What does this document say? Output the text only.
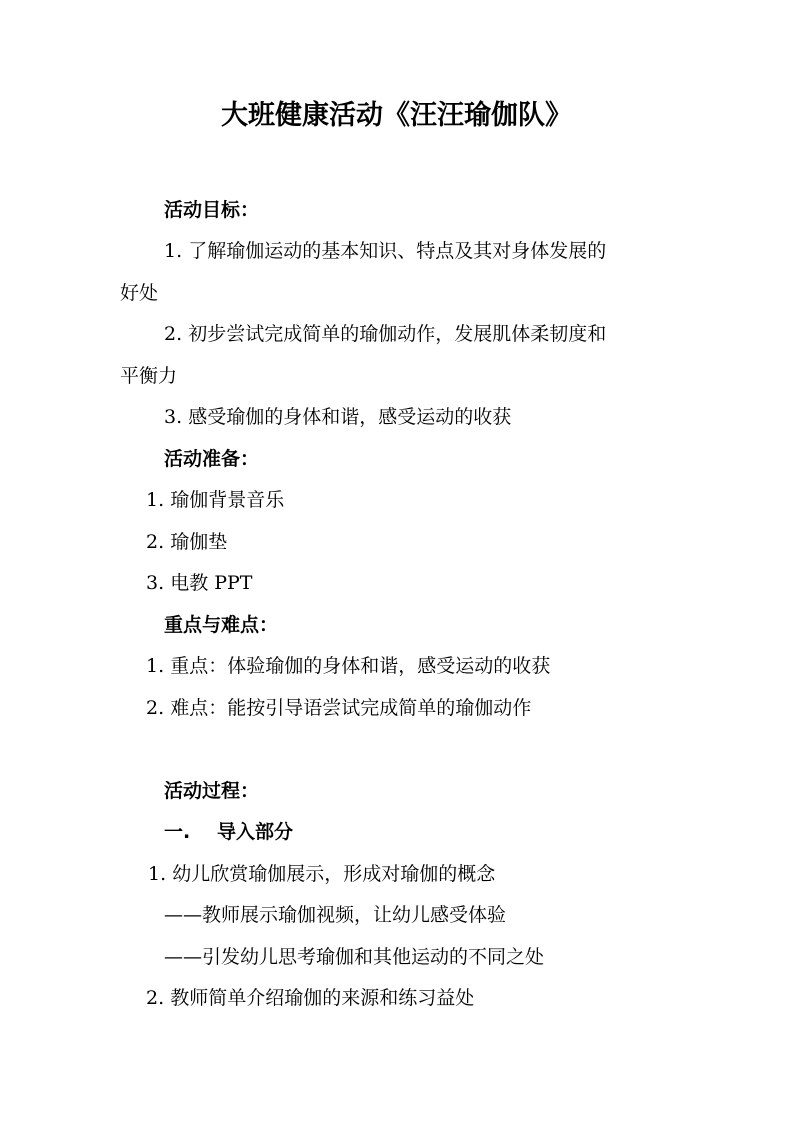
大班健康活动《汪汪瑜伽队》
活动目标：
1. 了解瑜伽运动的基本知识、特点及其对身体发展的
好处
2. 初步尝试完成简单的瑜伽动作，发展肌体柔韧度和
平衡力
3. 感受瑜伽的身体和谐，感受运动的收获
活动准备：
1. 瑜伽背景音乐
2. 瑜伽垫
3. 电教 PPT
重点与难点：
1. 重点：体验瑜伽的身体和谐，感受运动的收获
2. 难点：能按引导语尝试完成简单的瑜伽动作
活动过程：
一. 导入部分
1. 幼儿欣赏瑜伽展示，形成对瑜伽的概念
——教师展示瑜伽视频，让幼儿感受体验
——引发幼儿思考瑜伽和其他运动的不同之处
2. 教师简单介绍瑜伽的来源和练习益处
